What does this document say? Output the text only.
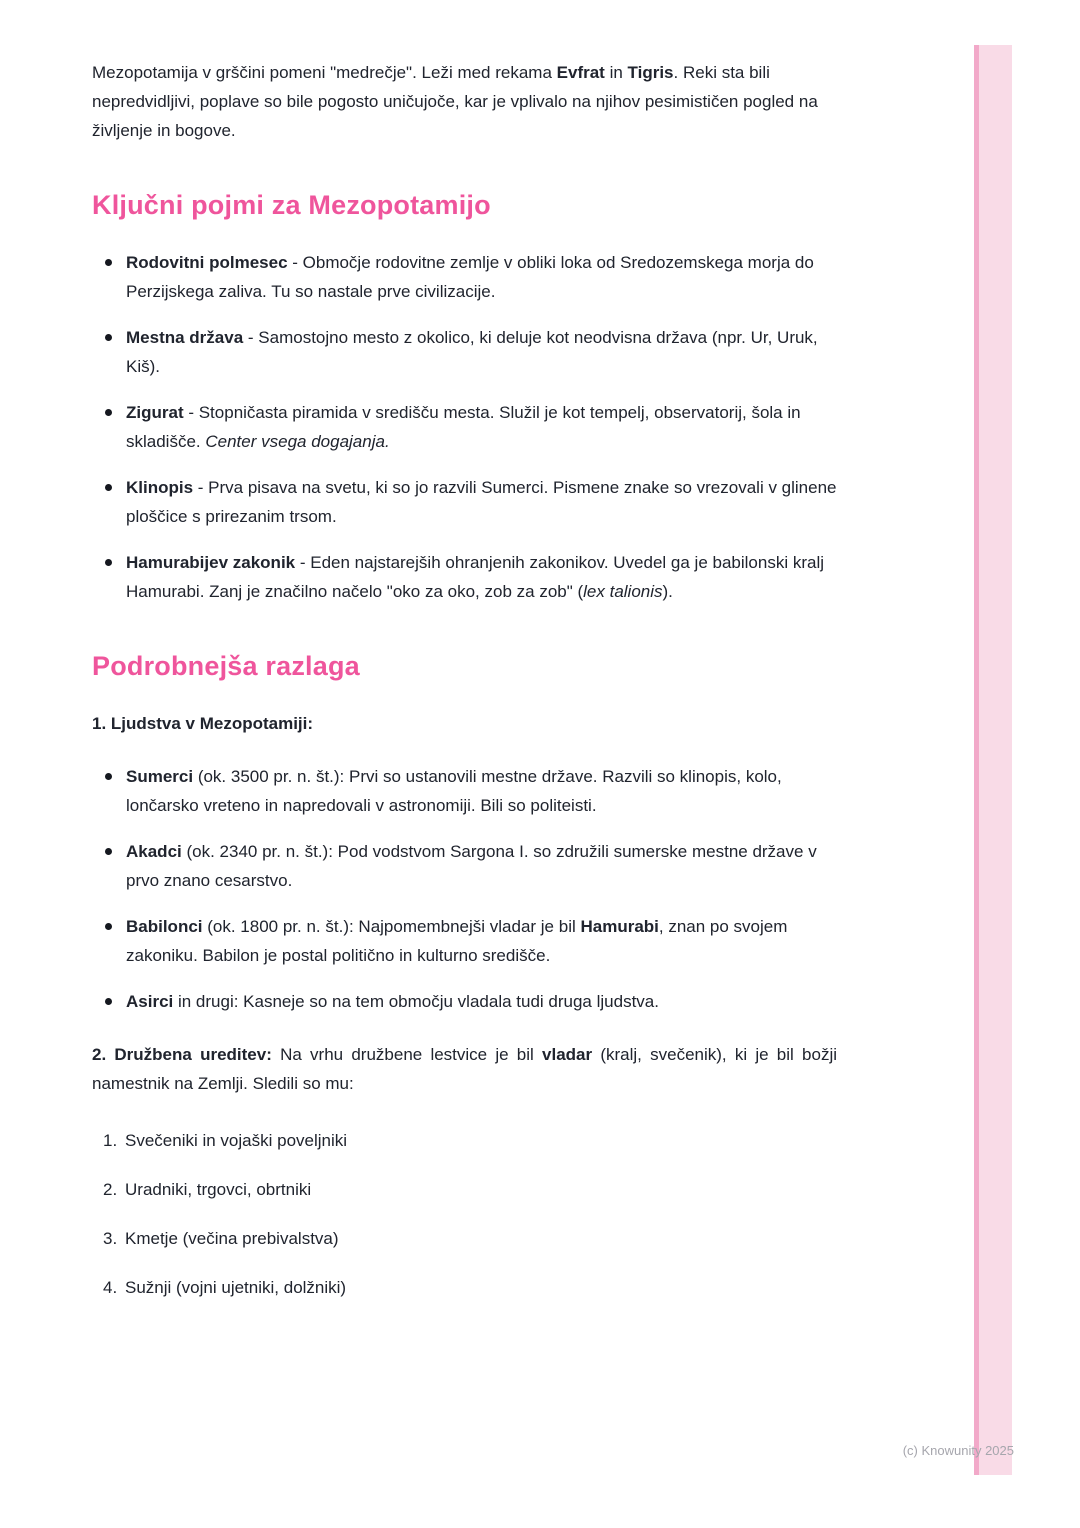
Mezopotamija v grščini pomeni "medrečje". Leži med rekama Evfrat in Tigris. Reki sta bili nepredvidljivi, poplave so bile pogosto uničujoče, kar je vplivalo na njihov pesimističen pogled na življenje in bogove.

Ključni pojmi za Mezopotamijo
Rodovitni polmesec - Območje rodovitne zemlje v obliki loka od Sredozemskega morja do Perzijskega zaliva. Tu so nastale prve civilizacije.
Mestna država - Samostojno mesto z okolico, ki deluje kot neodvisna država (npr. Ur, Uruk, Kiš).
Zigurat - Stopničasta piramida v središču mesta. Služil je kot tempelj, observatorij, šola in skladišče. Center vsega dogajanja.
Klinopis - Prva pisava na svetu, ki so jo razvili Sumerci. Pismene znake so vrezovali v glinene ploščice s prirezanim trsom.
Hamurabijev zakonik - Eden najstarejših ohranjenih zakonikov. Uvedel ga je babilonski kralj Hamurabi. Zanj je značilno načelo "oko za oko, zob za zob" (lex talionis).
Podrobnejša razlaga

1. Ljudstva v Mezopotamiji:

Sumerci (ok. 3500 pr. n. št.): Prvi so ustanovili mestne države. Razvili so klinopis, kolo, lončarsko vreteno in napredovali v astronomiji. Bili so politeisti.
Akadci (ok. 2340 pr. n. št.): Pod vodstvom Sargona I. so združili sumerske mestne države v prvo znano cesarstvo.
Babilonci (ok. 1800 pr. n. št.): Najpomembnejši vladar je bil Hamurabi, znan po svojem zakoniku. Babilon je postal politično in kulturno središče.
Asirci in drugi: Kasneje so na tem območju vladala tudi druga ljudstva.

2. Družbena ureditev: Na vrhu družbene lestvice je bil vladar (kralj, svečenik), ki je bil božji namestnik na Zemlji. Sledili so mu:

1. Svečeniki in vojaški poveljniki
2. Uradniki, trgovci, obrtniki
3. Kmetje (večina prebivalstva)
4. Sužnji (vojni ujetniki, dolžniki)
(c) Knowunity 2025
